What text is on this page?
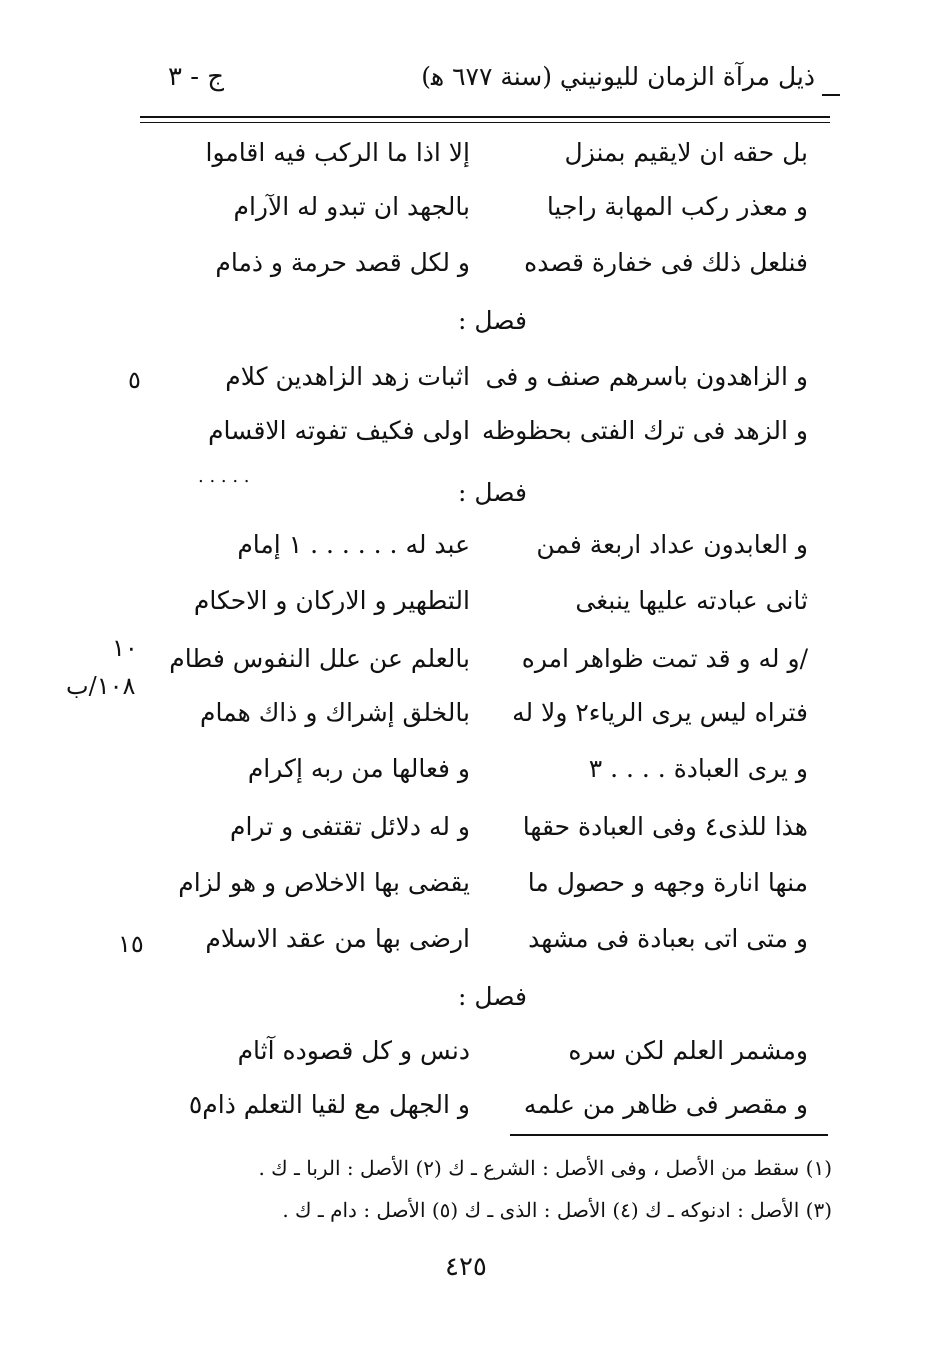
ذيل مرآة الزمان لليونيني (سنة ٦٧٧ ﻫ)
ج - ٣
بل حقه ان لايقيم بمنزل
إلا اذا ما الركب فيه اقاموا
و معذر ركب المهابة راجيا
بالجهد ان تبدو له الآرام
فنلعل ذلك فى خفارة قصده
و لكل قصد حرمة و ذمام
فصل :
و الزاهدون باسرهم صنف و فى
اثبات زهد الزاهدين كلام
٥
و الزهد فى ترك الفتى بحظوظه
اولى فكيف تفوته الاقسام
. . . . .
فصل :
و العابدون عداد اربعة فمن
عبد له . . . . . . ١ إمام
ثانى عبادته عليها ينبغى
التطهير و الاركان و الاحكام
/و له و قد تمت ظواهر امره
بالعلم عن علل النفوس فطام
١٠
١٠٨/ب
فتراه ليس يرى الرياء٢ ولا له
بالخلق إشراك و ذاك همام
و يرى العبادة . . . . ٣
و فعالها من ربه إكرام
هذا للذى٤ وفى العبادة حقها
و له دلائل تقتفى و ترام
منها انارة وجهه و حصول ما
يقضى بها الاخلاص و هو لزام
و متى اتى بعبادة فى مشهد
ارضى بها من عقد الاسلام
١٥
فصل :
ومشمر العلم لكن سره
دنس و كل قصوده آثام
و مقصر فى ظاهر من علمه
و الجهل مع لقيا التعلم ذام٥
(١) سقط من الأصل ، وفى الأصل : الشرع ـ ك (٢) الأصل : الربا ـ ك .
(٣) الأصل : ادنوكه ـ ك (٤) الأصل : الذى ـ ك (٥) الأصل : دام ـ ك .
٤٢٥
